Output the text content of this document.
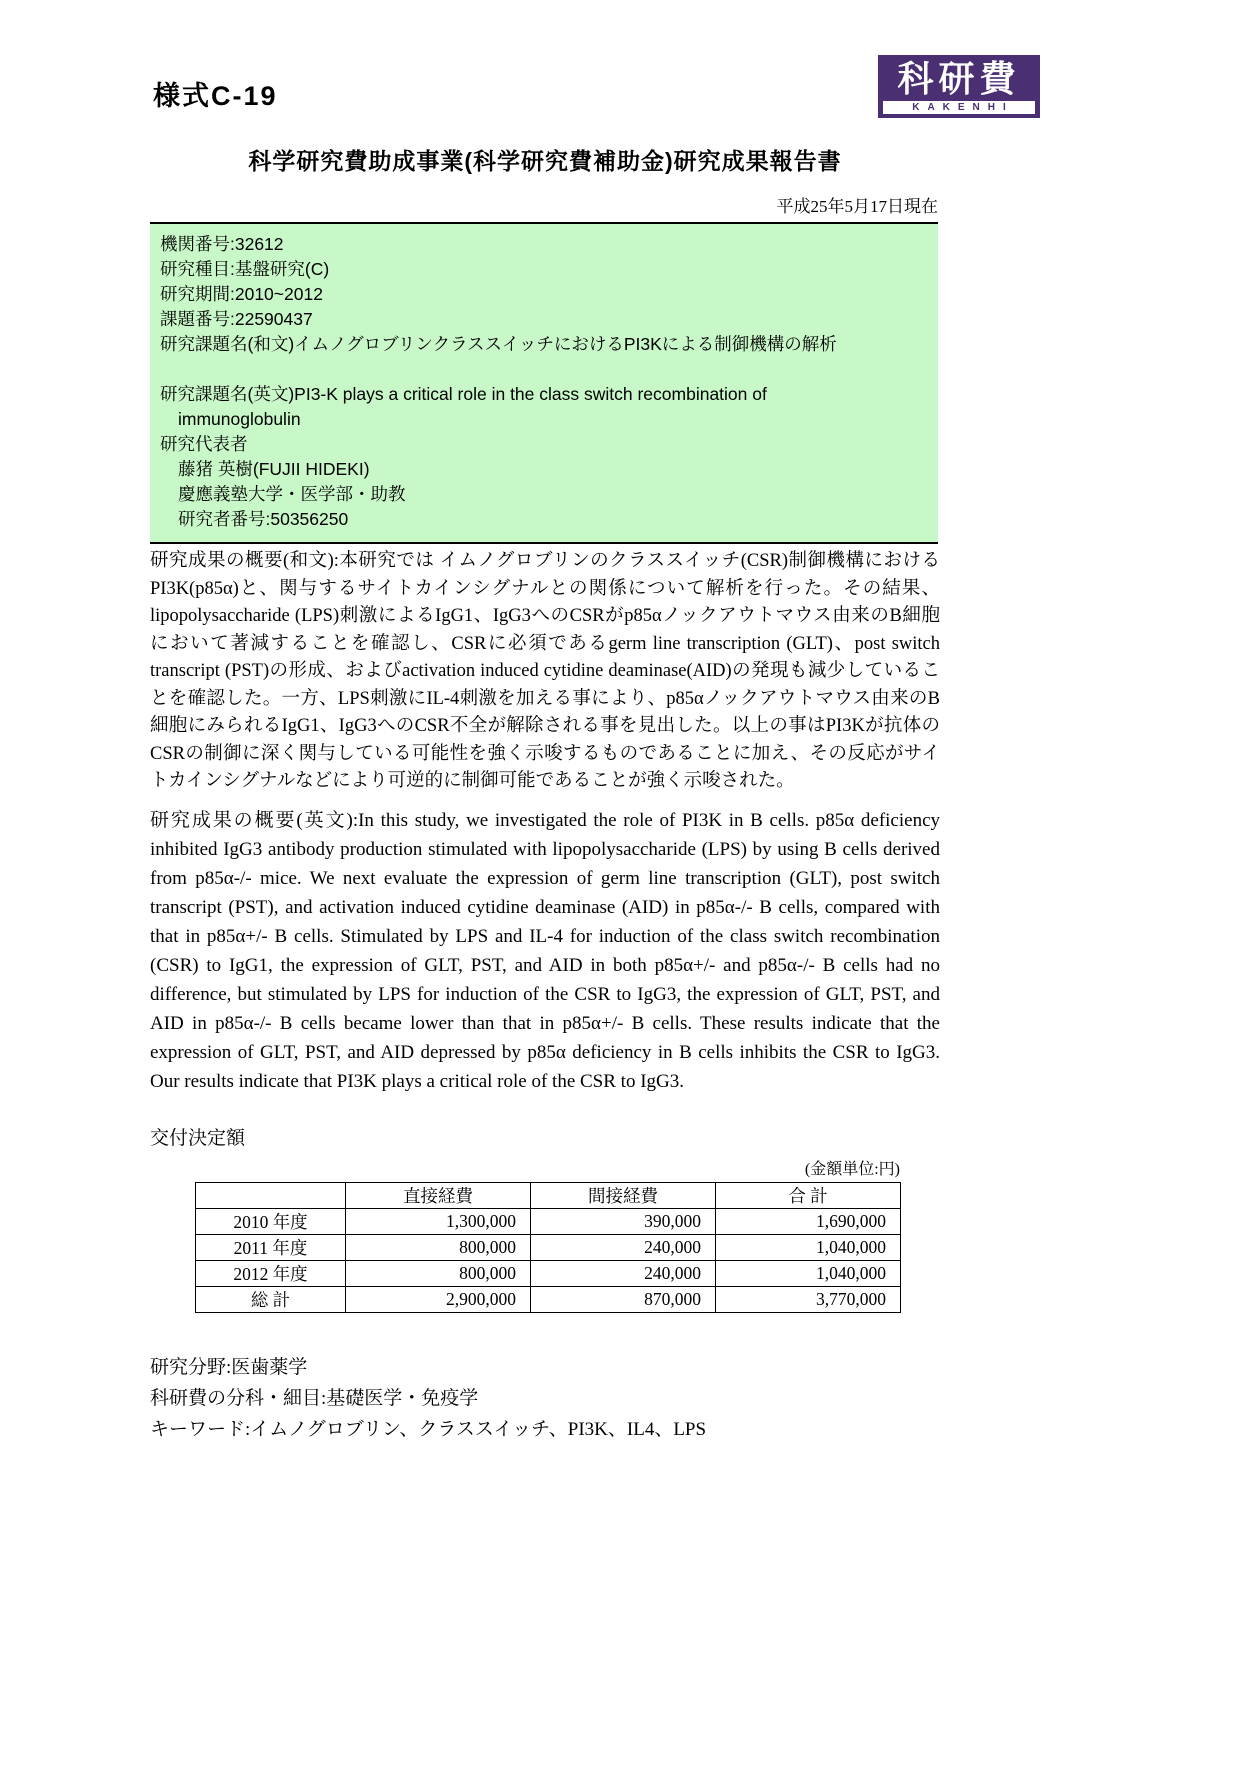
様式C-19	科研費
KAKENHI
科学研究費助成事業(科学研究費補助金)研究成果報告書
平成25年5月17日現在
機関番号:32612
研究種目:基盤研究(C)
研究期間:2010~2012
課題番号:22590437
研究課題名(和文)イムノグロブリンクラススイッチにおけるPI3Kによる制御機構の解析
研究課題名(英文)PI3-K plays a critical role in the class switch recombination of
immunoglobulin
研究代表者
藤猪 英樹(FUJII HIDEKI)
慶應義塾大学・医学部・助教
研究者番号:50356250

研究成果の概要(和文):本研究では イムノグロブリンのクラススイッチ(CSR)制御機構におけるPI3K(p85α)と、関与するサイトカインシグナルとの関係について解析を行った。その結果、lipopolysaccharide (LPS)刺激によるIgG1、IgG3へのCSRがp85αノックアウトマウス由来のB細胞において著減することを確認し、CSRに必須であるgerm line transcription (GLT)、post switch transcript (PST)の形成、およびactivation induced cytidine deaminase(AID)の発現も減少していることを確認した。一方、LPS刺激にIL-4刺激を加える事により、p85αノックアウトマウス由来のB細胞にみられるIgG1、IgG3へのCSR不全が解除される事を見出した。以上の事はPI3Kが抗体のCSRの制御に深く関与している可能性を強く示唆するものであることに加え、その反応がサイトカインシグナルなどにより可逆的に制御可能であることが強く示唆された。

研究成果の概要(英文):In this study, we investigated the role of PI3K in B cells. p85α deficiency inhibited IgG3 antibody production stimulated with lipopolysaccharide (LPS) by using B cells derived from p85α-/- mice. We next evaluate the expression of germ line transcription (GLT), post switch transcript (PST), and activation induced cytidine deaminase (AID) in p85α-/- B cells, compared with that in p85α+/- B cells. Stimulated by LPS and IL-4 for induction of the class switch recombination (CSR) to IgG1, the expression of GLT, PST, and AID in both p85α+/- and p85α-/- B cells had no difference, but stimulated by LPS for induction of the CSR to IgG3, the expression of GLT, PST, and AID in p85α-/- B cells became lower than that in p85α+/- B cells. These results indicate that the expression of GLT, PST, and AID depressed by p85α deficiency in B cells inhibits the CSR to IgG3. Our results indicate that PI3K plays a critical role of the CSR to IgG3.

交付決定額
(金額単位:円)
	直接経費	間接経費	合 計
2010 年度	1,300,000	390,000	1,690,000
2011 年度	800,000	240,000	1,040,000
2012 年度	800,000	240,000	1,040,000
総 計	2,900,000	870,000	3,770,000
研究分野:医歯薬学
科研費の分科・細目:基礎医学・免疫学
キーワード:イムノグロブリン、クラススイッチ、PI3K、IL4、LPS
